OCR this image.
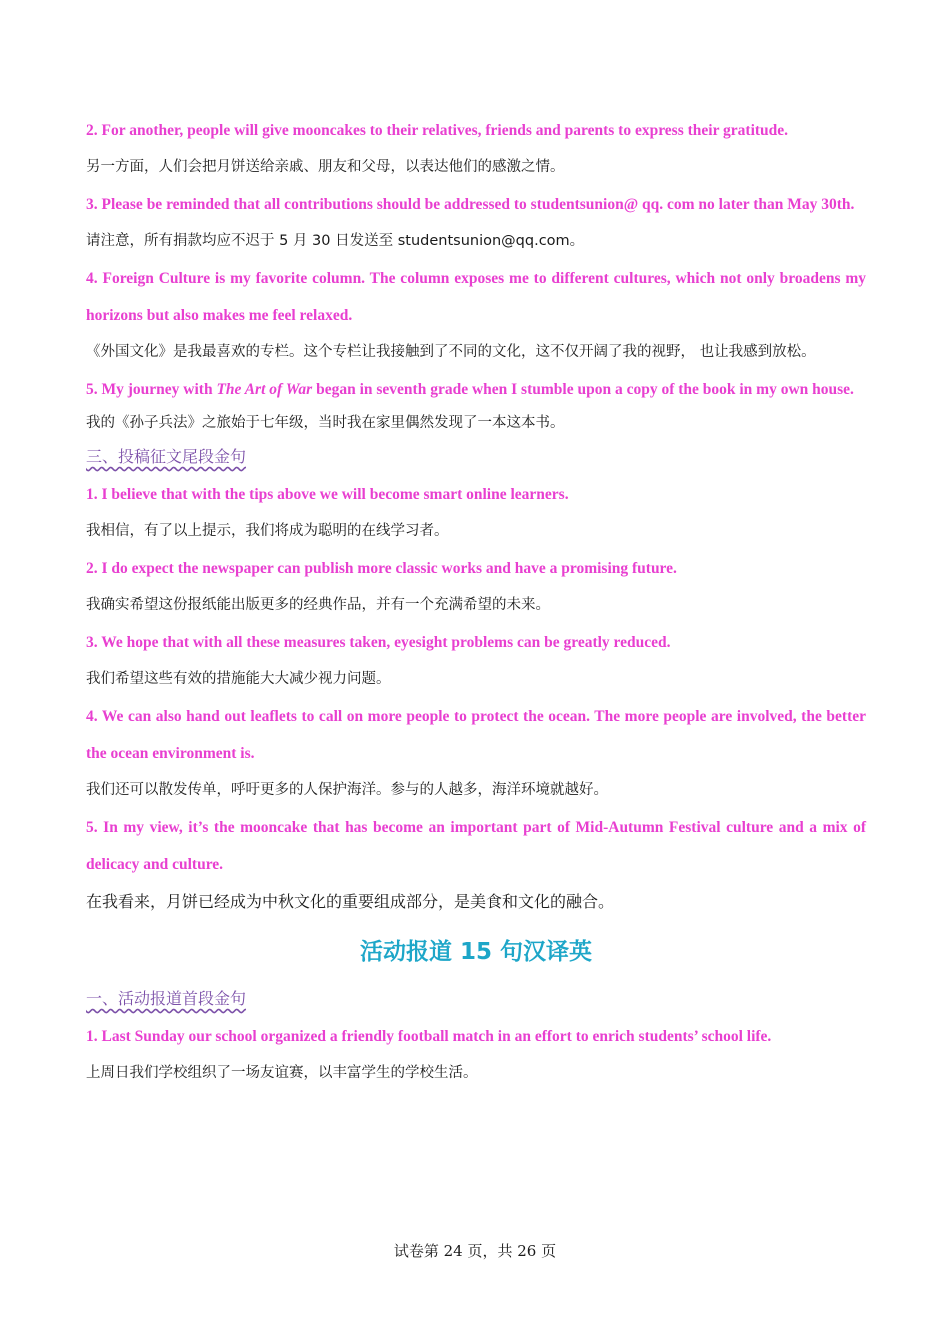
2. For another, people will give mooncakes to their relatives, friends and parents to express their gratitude.

另一方面，人们会把月饼送给亲戚、朋友和父母，以表达他们的感激之情。

3. Please be reminded that all contributions should be addressed to studentsunion@ qq. com no later than May 30th.

请注意，所有捐款均应不迟于 5 月 30 日发送至 studentsunion@qq.com。

4. Foreign Culture is my favorite column. The column exposes me to different cultures, which not only broadens my horizons but also makes me feel relaxed.

《外国文化》是我最喜欢的专栏。这个专栏让我接触到了不同的文化，这不仅开阔了我的视野， 也让我感到放松。

5. My journey with The Art of War began in seventh grade when I stumble upon a copy of the book in my own house.

我的《孙子兵法》之旅始于七年级，当时我在家里偶然发现了一本这本书。

三、投稿征文尾段金句

1. I believe that with the tips above we will become smart online learners.

我相信，有了以上提示，我们将成为聪明的在线学习者。

2. I do expect the newspaper can publish more classic works and have a promising future.

我确实希望这份报纸能出版更多的经典作品，并有一个充满希望的未来。

3. We hope that with all these measures taken, eyesight problems can be greatly reduced.

我们希望这些有效的措施能大大减少视力问题。

4. We can also hand out leaflets to call on more people to protect the ocean. The more people are involved, the better the ocean environment is.

我们还可以散发传单，呼吁更多的人保护海洋。参与的人越多，海洋环境就越好。

5. In my view, it’s the mooncake that has become an important part of Mid-Autumn Festival culture and a mix of delicacy and culture.

在我看来，月饼已经成为中秋文化的重要组成部分，是美食和文化的融合。

活动报道 15 句汉译英

一、活动报道首段金句

1. Last Sunday our school organized a friendly football match in an effort to enrich students’ school life.

上周日我们学校组织了一场友谊赛，以丰富学生的学校生活。

试卷第 24 页，共 26 页
